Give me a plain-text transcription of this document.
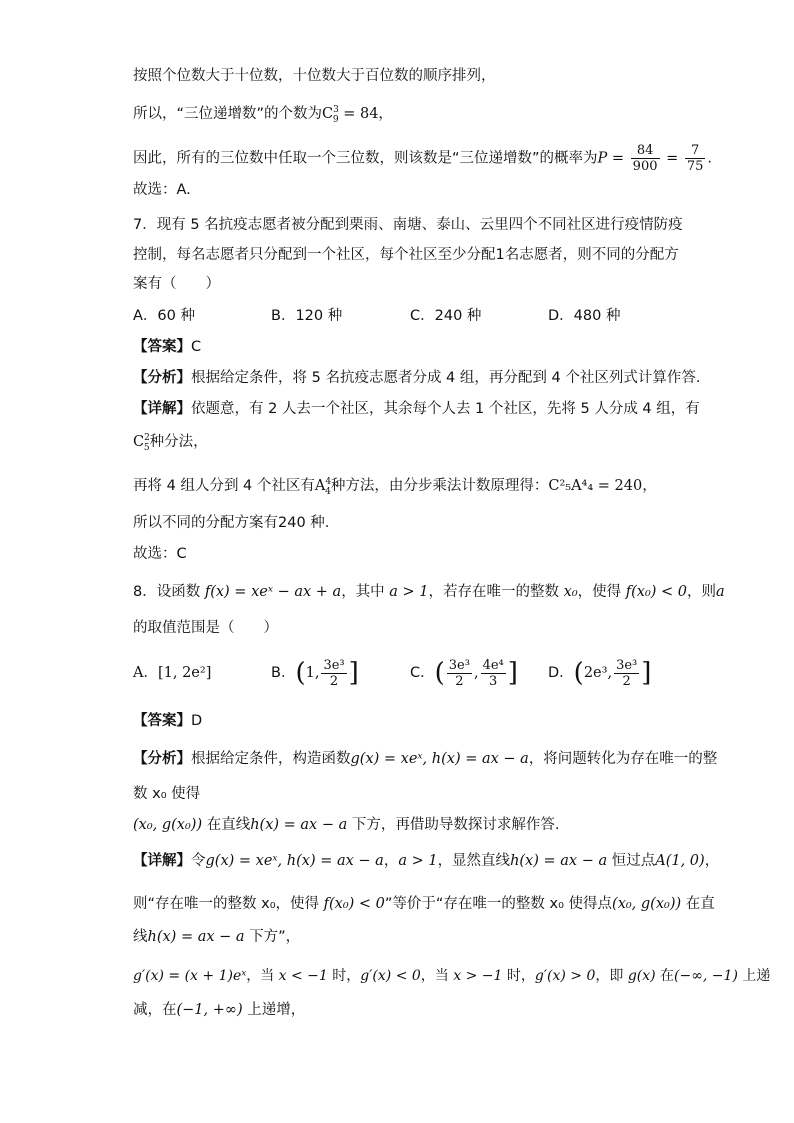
按照个位数大于十位数，十位数大于百位数的顺序排列，
所以，“三位递增数”的个数为$C^3_9 = 84$，
因此，所有的三位数中任取一个三位数，则该数是“三位递增数”的概率为$P = \frac{84}{900} = \frac{7}{75}$ .
故选：A.
7．现有 5 名抗疫志愿者被分配到栗雨、南塘、泰山、云里四个不同社区进行疫情防疫
控制，每名志愿者只分配到一个社区，每个社区至少分配1名志愿者，则不同的分配方
案有（　　）
A．60 种	B．120 种	C．240 种	D．480 种
【答案】C
【分析】根据给定条件，将 5 名抗疫志愿者分成 4 组，再分配到 4 个社区列式计算作答.
【详解】依题意，有 2 人去一个社区，其余每个人去 1 个社区，先将 5 人分成 4 组，有
$C^2_5$种分法，
再将 4 组人分到 4 个社区有$A^4_4$种方法，由分步乘法计数原理得：C²₅A⁴₄ = 240，
所以不同的分配方案有240 种.
故选：C
8．设函数 f(x) = xeˣ − ax + a，其中 a > 1，若存在唯一的整数 x₀，使得 f(x₀) < 0，则a
的取值范围是（　　）
A．[1, 2e²]	B．(1, $\frac{\text{3e³}}{2}$ ]	C．( $\frac{\text{3e³}}{2}$ , $\frac{\text{4e⁴}}{3}$ ] D．(2e³, $\frac{\text{3e³}}{2}$ ]
【答案】D
【分析】根据给定条件，构造函数g(x) = xeˣ, h(x) = ax − a，将问题转化为存在唯一的整
数 x₀ 使得
(x₀, g(x₀)) 在直线h(x) = ax − a 下方，再借助导数探讨求解作答.
【详解】令g(x) = xeˣ, h(x) = ax − a，a > 1，显然直线h(x) = ax − a 恒过点A(1, 0)，
则“存在唯一的整数 x₀，使得 f(x₀) < 0”等价于“存在唯一的整数 x₀ 使得点(x₀, g(x₀)) 在直
线h(x) = ax − a 下方”，
g′(x) = (x + 1)eˣ，当 x < −1 时，g′(x) < 0，当 x > −1 时，g′(x) > 0，即 g(x) 在(−∞, −1) 上递
减，在(−1, +∞) 上递增，
